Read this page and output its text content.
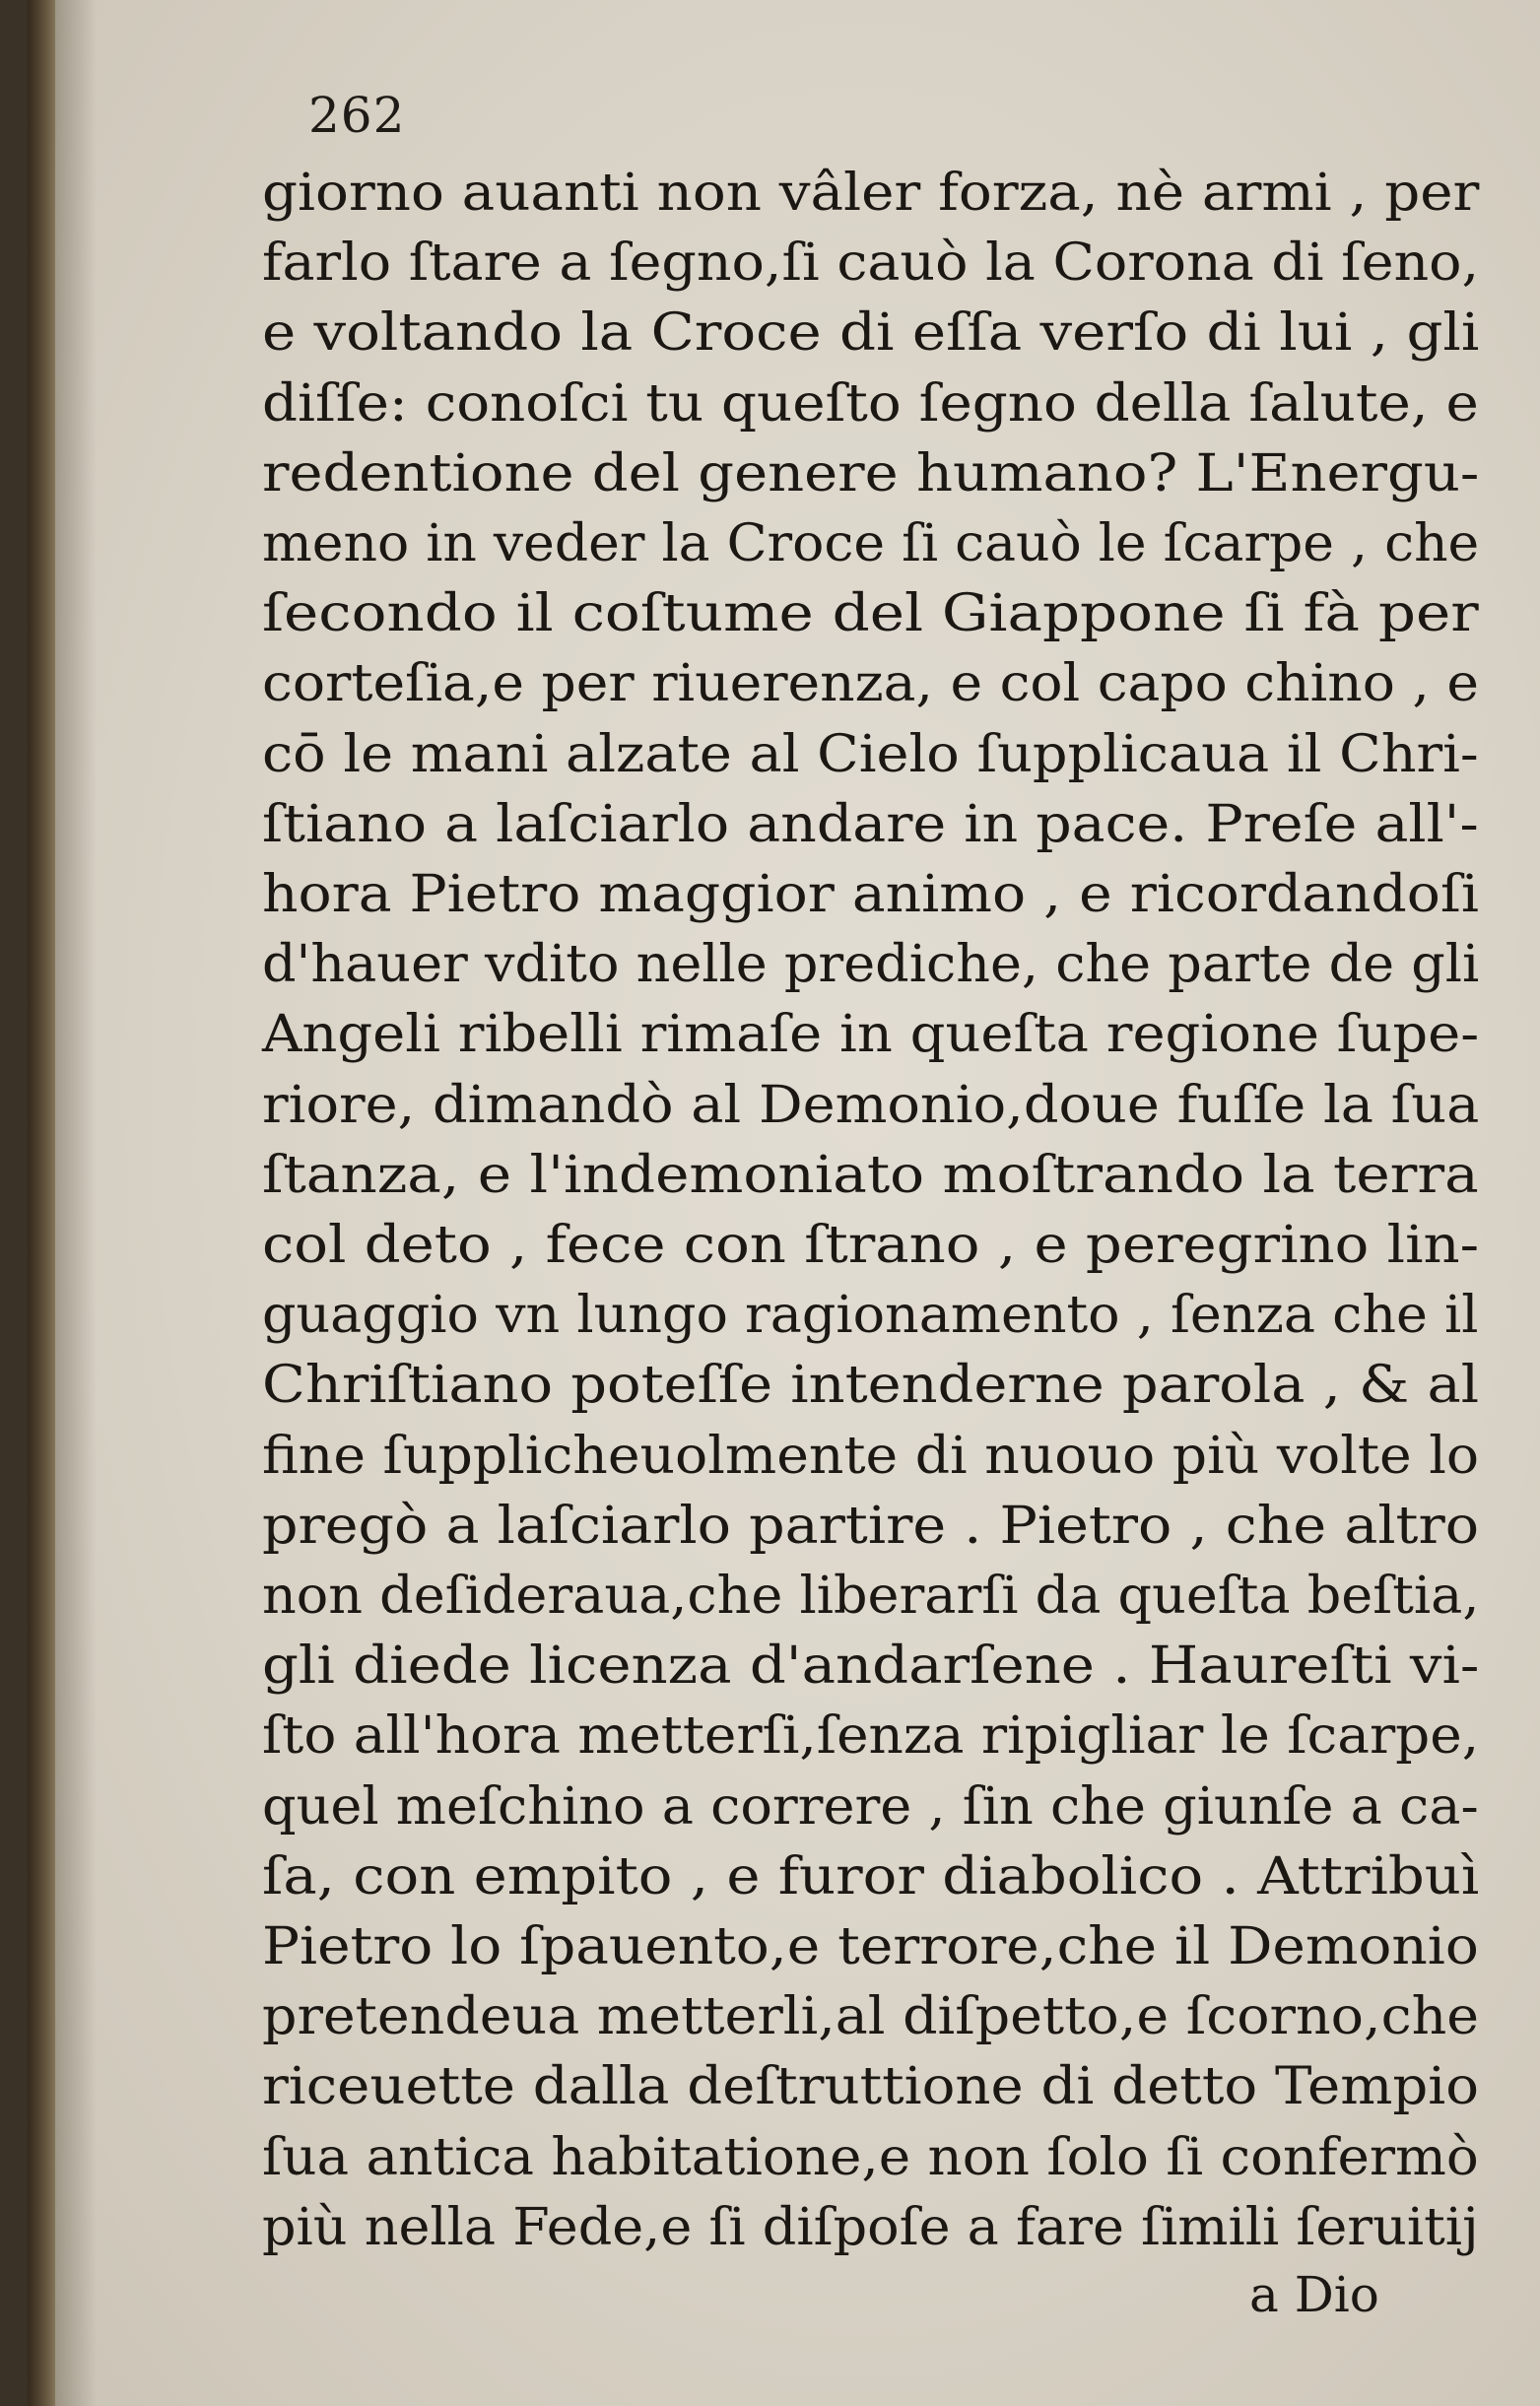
262
giorno auanti non vâler forza, nè armi , per
farlo ſtare a ſegno,ſi cauò la Corona di ſeno,
e voltando la Croce di eſſa verſo di lui , gli
diſſe: conoſci tu queſto ſegno della ſalute, e
redentione del genere humano? L'Energu-
meno in veder la Croce ſi cauò le ſcarpe , che
ſecondo il coſtume del Giappone ſi fà per
corteſia,e per riuerenza, e col capo chino , e
cō le mani alzate al Cielo ſupplicaua il Chri-
ſtiano a laſciarlo andare in pace. Preſe all'-
hora Pietro maggior animo , e ricordandoſi
d'hauer vdito nelle prediche, che parte de gli
Angeli ribelli rimaſe in queſta regione ſupe-
riore, dimandò al Demonio,doue fuſſe la ſua
ſtanza, e l'indemoniato moſtrando la terra
col deto , fece con ſtrano , e peregrino lin-
guaggio vn lungo ragionamento , ſenza che il
Chriſtiano poteſſe intenderne parola , & al
fine ſupplicheuolmente di nuouo più volte lo
pregò a laſciarlo partire . Pietro , che altro
non deſideraua,che liberarſi da queſta beſtia,
gli diede licenza d'andarſene . Haureſti vi-
ſto all'hora metterſi,ſenza ripigliar le ſcarpe,
quel meſchino a correre , ſin che giunſe a ca-
ſa, con empito , e furor diabolico . Attribuì
Pietro lo ſpauento,e terrore,che il Demonio
pretendeua metterli,al diſpetto,e ſcorno,che
riceuette dalla deſtruttione di detto Tempio
ſua antica habitatione,e non ſolo ſi confermò
più nella Fede,e ſi diſpoſe a fare ſimili ſeruitij
a Dio
